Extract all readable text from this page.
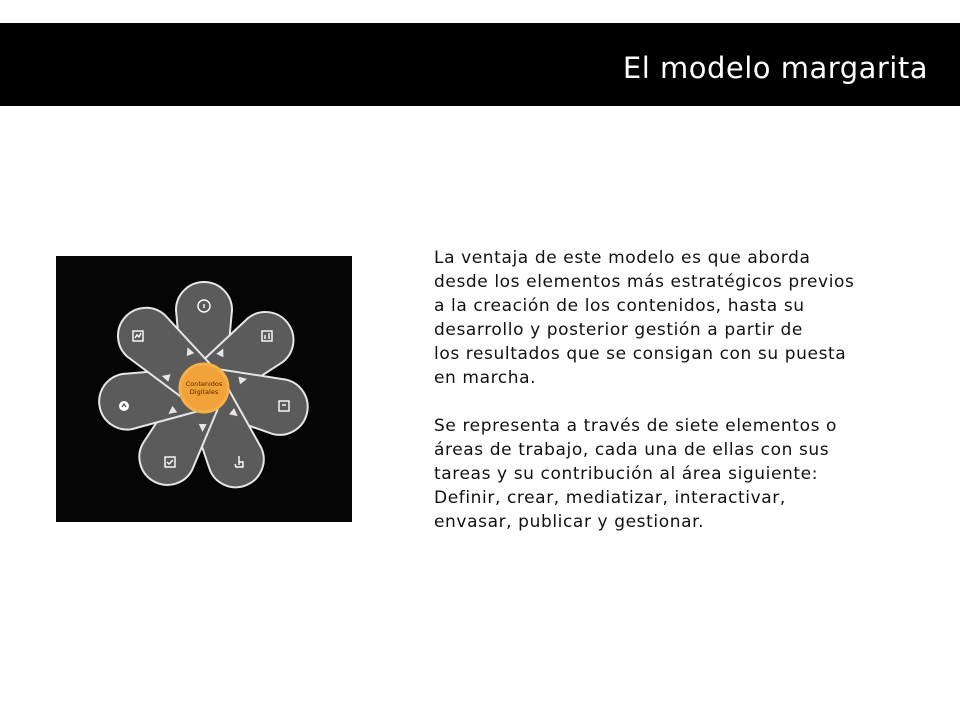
El modelo margarita
Contenidos
Digitales

La ventaja de este modelo es que aborda
desde los elementos más estratégicos previos
a la creación de los contenidos, hasta su
desarrollo y posterior gestión a partir de
los resultados que se consigan con su puesta
en marcha.

Se representa a través de siete elementos o
áreas de trabajo, cada una de ellas con sus
tareas y su contribución al área siguiente:
Definir, crear, mediatizar, interactivar,
envasar, publicar y gestionar.
